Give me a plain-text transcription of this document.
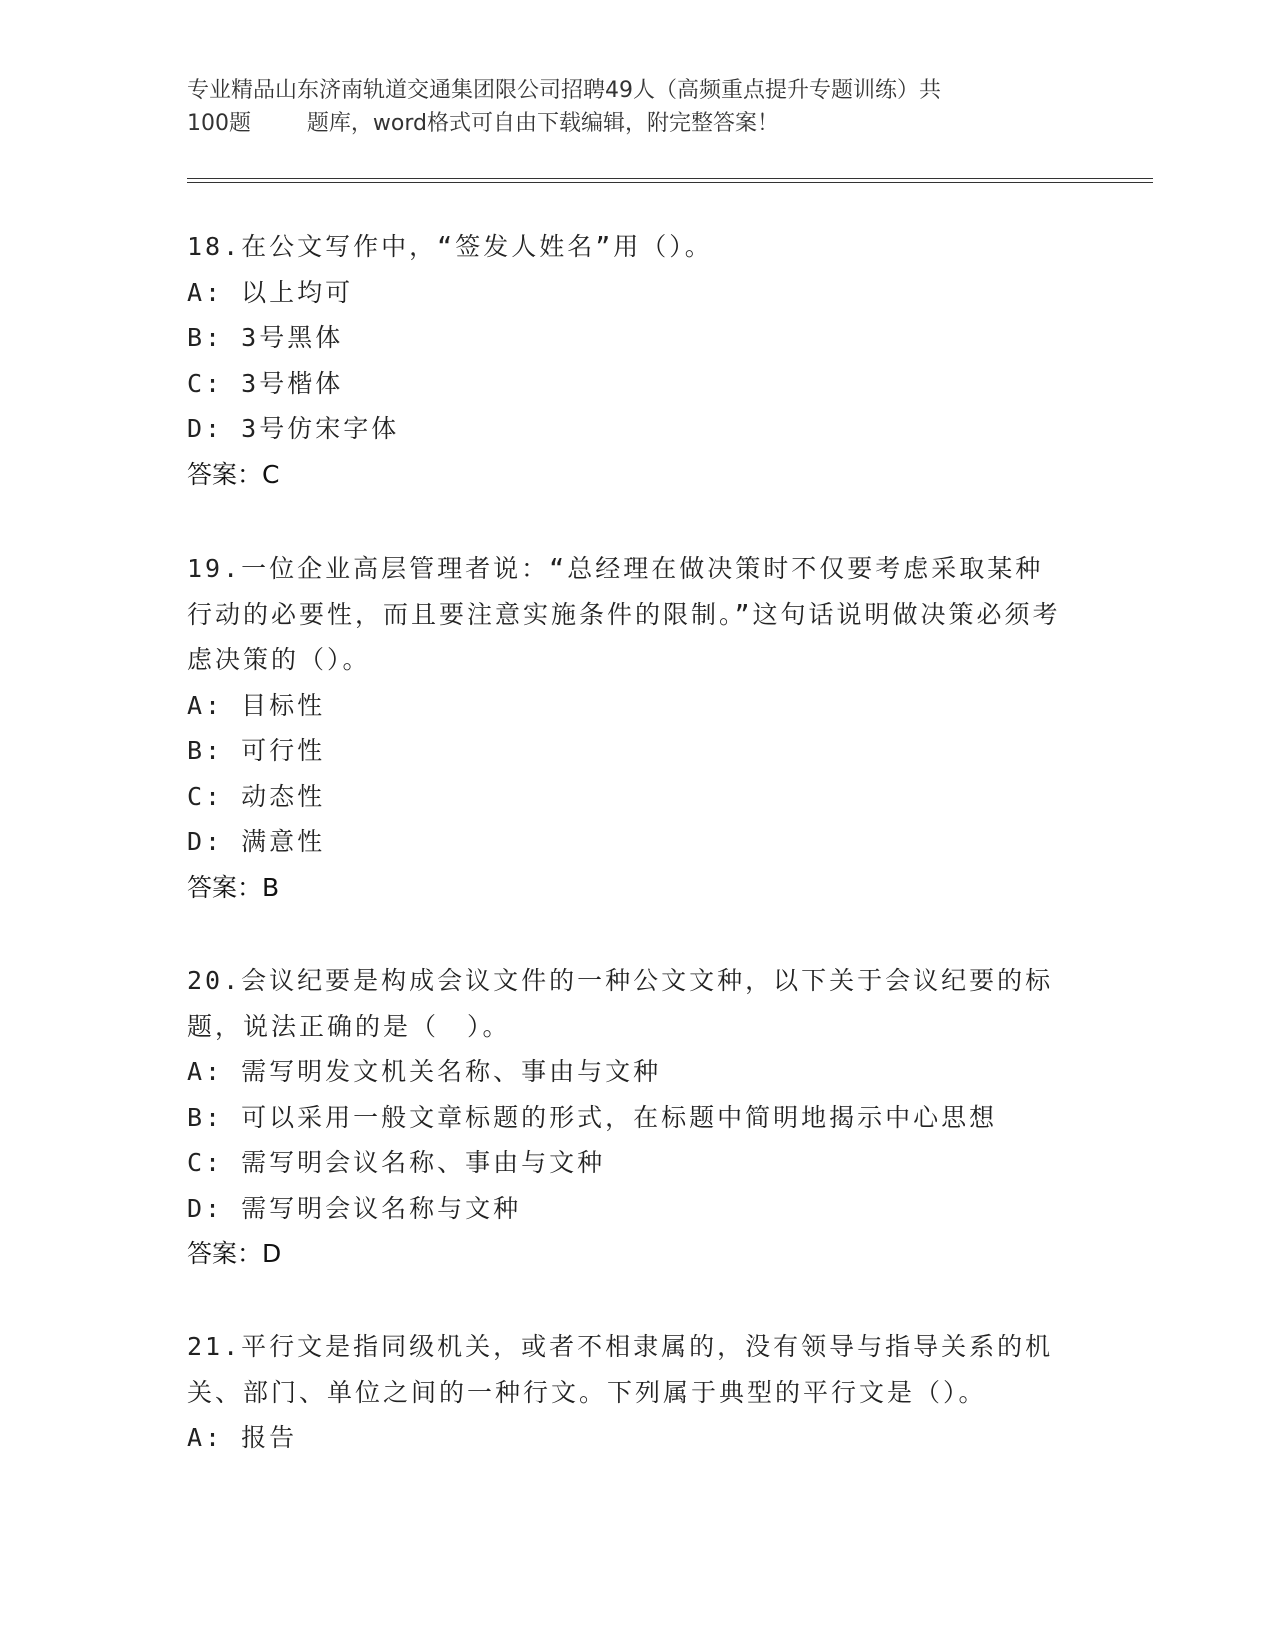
专业精品山东济南轨道交通集团限公司招聘49人（高频重点提升专题训练）共
100题        题库，word格式可自由下载编辑，附完整答案！
18.在公文写作中，“签发人姓名”用（）。
A: 以上均可
B: 3号黑体
C: 3号楷体
D: 3号仿宋字体
答案：C
19.一位企业高层管理者说：“总经理在做决策时不仅要考虑采取某种行动的必要性，而且要注意实施条件的限制。”这句话说明做决策必须考虑决策的（）。
A: 目标性
B: 可行性
C: 动态性
D: 满意性
答案：B
20.会议纪要是构成会议文件的一种公文文种，以下关于会议纪要的标题，说法正确的是（　）。
A: 需写明发文机关名称、事由与文种
B: 可以采用一般文章标题的形式，在标题中简明地揭示中心思想
C: 需写明会议名称、事由与文种
D: 需写明会议名称与文种
答案：D
21.平行文是指同级机关，或者不相隶属的，没有领导与指导关系的机关、部门、单位之间的一种行文。下列属于典型的平行文是（）。
A: 报告
